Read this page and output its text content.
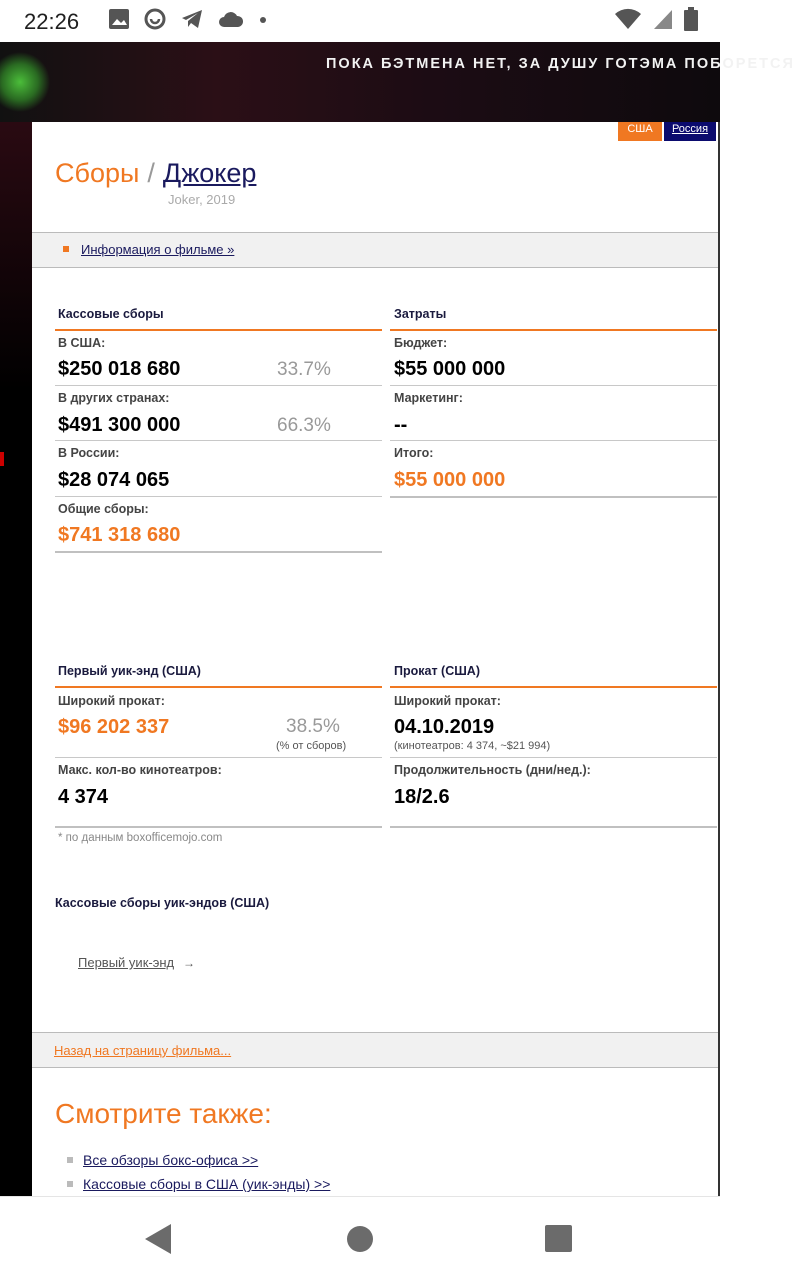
22:26
ПОКА БЭТМЕНА НЕТ, ЗА ДУШУ ГОТЭМА ПОБОРЕТСЯ
США	Россия
Сборы / Джокер
Joker, 2019
Информация о фильме »
Кассовые сборы
В США:
$250 018 680	33.7%
В других странах:
$491 300 000	66.3%
В России:
$28 074 065
Общие сборы:
$741 318 680
Затраты
Бюджет:
$55 000 000
Маркетинг:
--
Итого:
$55 000 000
Первый уик-энд (США)
Широкий прокат:
$96 202 337	38.5%
(% от сборов)
Макс. кол-во кинотеатров:
4 374
Прокат (США)
Широкий прокат:
04.10.2019
(кинотеатров: 4 374, ~$21 994)
Продолжительность (дни/нед.):
18/2.6
* по данным boxofficemojo.com
Кассовые сборы уик-эндов (США)
Первый уик-энд →
Назад на страницу фильма...
Смотрите также:
Все обзоры бокс-офиса >>
Кассовые сборы в США (уик-энды) >>
